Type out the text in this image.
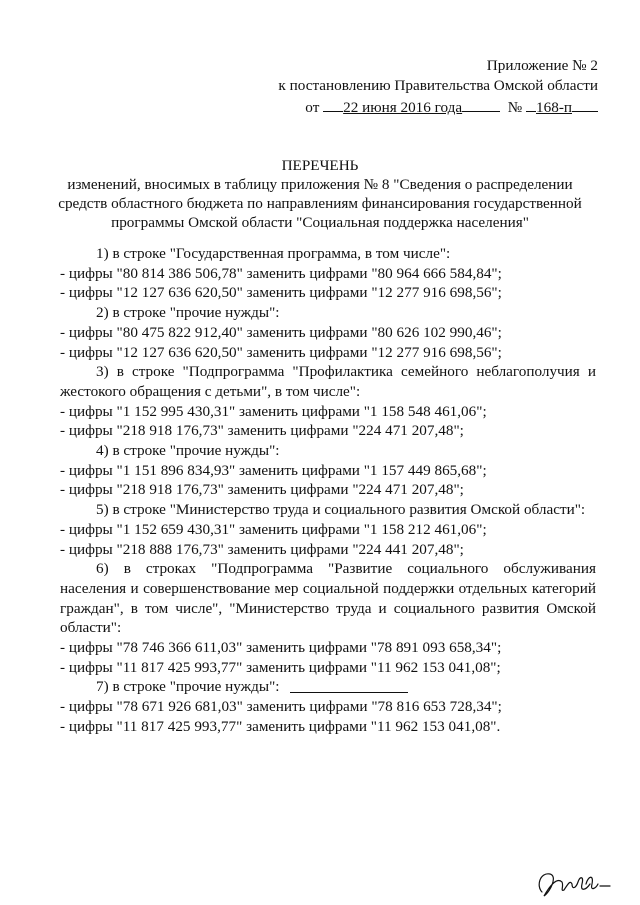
Приложение № 2
к постановлению Правительства Омской области
от 22 июня 2016 года	№ 168-п
ПЕРЕЧЕНЬ
изменений, вносимых в таблицу приложения № 8 "Сведения о распределении
средств областного бюджета по направлениям финансирования государственной
программы Омской области "Социальная поддержка населения"

1) в строке "Государственная программа, в том числе":

- цифры "80 814 386 506,78" заменить цифрами "80 964 666 584,84";

- цифры "12 127 636 620,50" заменить цифрами "12 277 916 698,56";

2) в строке "прочие нужды":

- цифры "80 475 822 912,40" заменить цифрами "80 626 102 990,46";

- цифры "12 127 636 620,50" заменить цифрами "12 277 916 698,56";

3) в строке "Подпрограмма "Профилактика семейного неблагополучия и жестокого обращения с детьми", в том числе":

- цифры "1 152 995 430,31" заменить цифрами "1 158 548 461,06";

- цифры "218 918 176,73" заменить цифрами "224 471 207,48";

4) в строке "прочие нужды":

- цифры "1 151 896 834,93" заменить цифрами "1 157 449 865,68";

- цифры "218 918 176,73" заменить цифрами "224 471 207,48";

5) в строке "Министерство труда и социального развития Омской области":

- цифры "1 152 659 430,31" заменить цифрами "1 158 212 461,06";

- цифры "218 888 176,73" заменить цифрами "224 441 207,48";

6) в строках "Подпрограмма "Развитие социального обслуживания населения и совершенствование мер социальной поддержки отдельных категорий граждан", в том числе", "Министерство труда и социального развития Омской области":

- цифры "78 746 366 611,03" заменить цифрами "78 891 093 658,34";

- цифры "11 817 425 993,77" заменить цифрами "11 962 153 041,08";

7) в строке "прочие нужды":

- цифры "78 671 926 681,03" заменить цифрами "78 816 653 728,34";

- цифры "11 817 425 993,77" заменить цифрами "11 962 153 041,08".
